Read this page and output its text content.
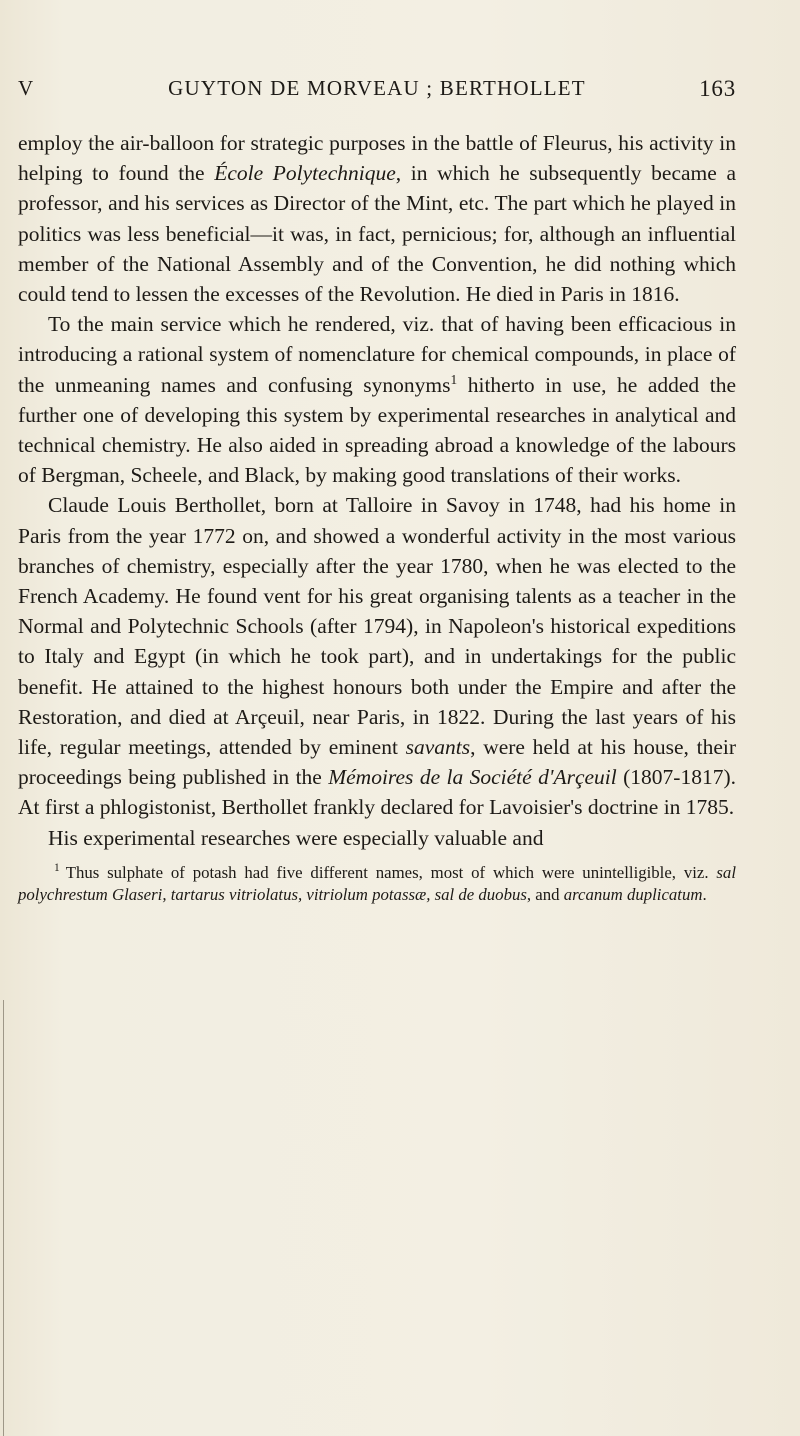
V	GUYTON DE MORVEAU ; BERTHOLLET	163

employ the air-balloon for strategic purposes in the battle of Fleurus, his activity in helping to found the École Polytechnique, in which he subsequently became a professor, and his services as Director of the Mint, etc. The part which he played in politics was less beneficial—it was, in fact, pernicious; for, although an influential member of the National Assembly and of the Convention, he did nothing which could tend to lessen the excesses of the Revolution. He died in Paris in 1816.

To the main service which he rendered, viz. that of having been efficacious in introducing a rational system of nomenclature for chemical compounds, in place of the unmeaning names and confusing synonyms$^1$ hitherto in use, he added the further one of developing this system by experimental researches in analytical and technical chemistry. He also aided in spreading abroad a knowledge of the labours of Bergman, Scheele, and Black, by making good translations of their works.

Claude Louis Berthollet, born at Talloire in Savoy in 1748, had his home in Paris from the year 1772 on, and showed a wonderful activity in the most various branches of chemistry, especially after the year 1780, when he was elected to the French Academy. He found vent for his great organising talents as a teacher in the Normal and Polytechnic Schools (after 1794), in Napoleon's historical expeditions to Italy and Egypt (in which he took part), and in undertakings for the public benefit. He attained to the highest honours both under the Empire and after the Restoration, and died at Arçeuil, near Paris, in 1822. During the last years of his life, regular meetings, attended by eminent savants, were held at his house, their proceedings being published in the Mémoires de la Société d'Arçeuil (1807-1817). At first a phlogistonist, Berthollet frankly declared for Lavoisier's doctrine in 1785.

His experimental researches were especially valuable and

$^1$ Thus sulphate of potash had five different names, most of which were unintelligible, viz. sal polychrestum Glaseri, tartarus vitriolatus, vitriolum potassæ, sal de duobus, and arcanum duplicatum.
